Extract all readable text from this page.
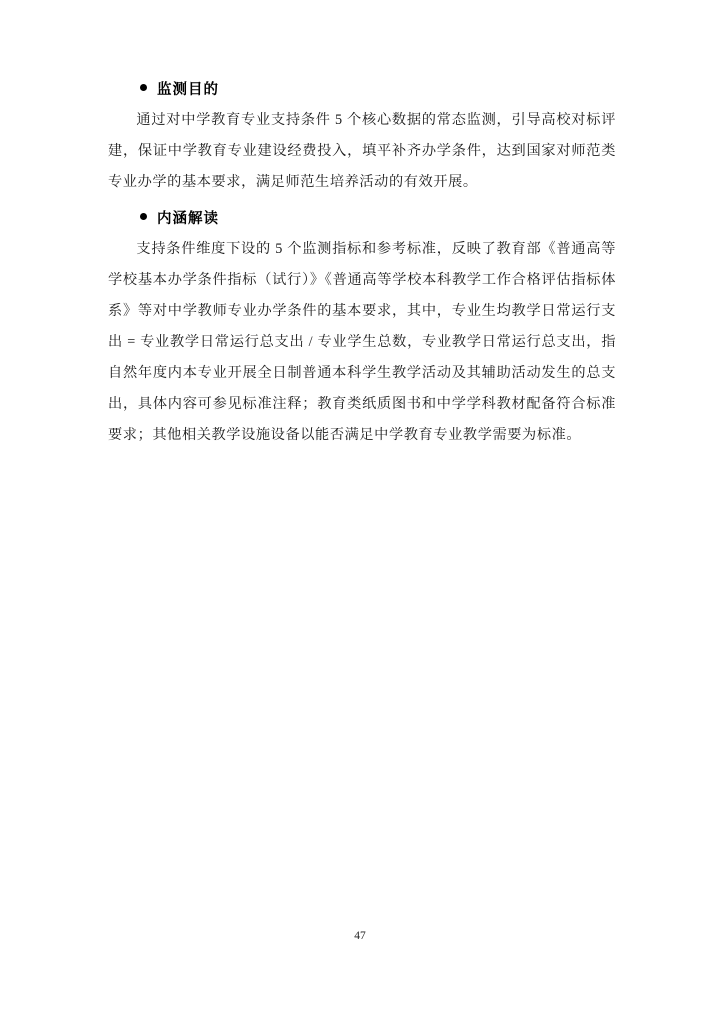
监测目的

通过对中学教育专业支持条件 5 个核心数据的常态监测，引导高校对标评建，保证中学教育专业建设经费投入，填平补齐办学条件，达到国家对师范类专业办学的基本要求，满足师范生培养活动的有效开展。

内涵解读

支持条件维度下设的 5 个监测指标和参考标准，反映了教育部《普通高等学校基本办学条件指标（试行）》《普通高等学校本科教学工作合格评估指标体系》等对中学教师专业办学条件的基本要求，其中，专业生均教学日常运行支出 = 专业教学日常运行总支出 / 专业学生总数，专业教学日常运行总支出，指自然年度内本专业开展全日制普通本科学生教学活动及其辅助活动发生的总支出，具体内容可参见标准注释；教育类纸质图书和中学学科教材配备符合标准要求；其他相关教学设施设备以能否满足中学教育专业教学需要为标准。

47
